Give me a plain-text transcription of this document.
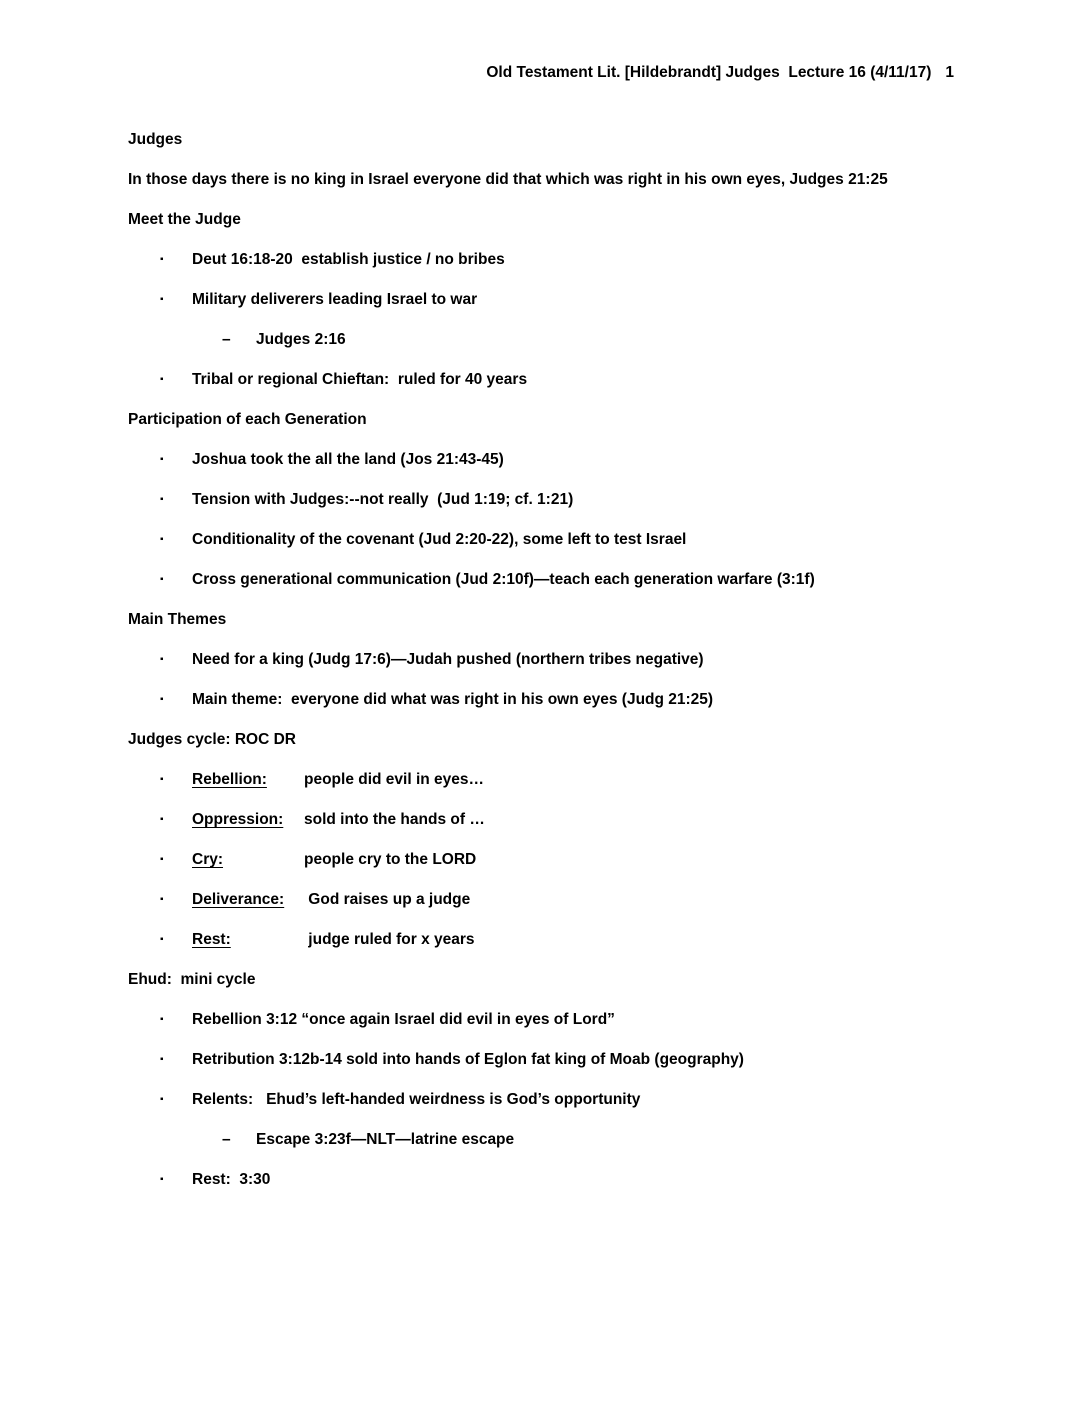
Old Testament Lit. [Hildebrandt] Judges  Lecture 16 (4/11/17) 1
Judges
In those days there is no king in Israel everyone did that which was right in his own eyes, Judges 21:25
Meet the Judge
▪ Deut 16:18-20  establish justice / no bribes
▪ Military deliverers leading Israel to war
– Judges 2:16
▪ Tribal or regional Chieftan:  ruled for 40 years
Participation of each Generation
▪ Joshua took the all the land (Jos 21:43-45)
▪ Tension with Judges:--not really  (Jud 1:19; cf. 1:21)
▪ Conditionality of the covenant (Jud 2:20-22), some left to test Israel
▪ Cross generational communication (Jud 2:10f)—teach each generation warfare (3:1f)
Main Themes
▪ Need for a king (Judg 17:6)—Judah pushed (northern tribes negative)
▪ Main theme:  everyone did what was right in his own eyes (Judg 21:25)
Judges cycle: ROC DR
▪ Rebellion: people did evil in eyes…
▪ Oppression: sold into the hands of …
▪ Cry:	people cry to the LORD
▪ Deliverance: God raises up a judge
▪ Rest:	judge ruled for x years
Ehud:  mini cycle
▪ Rebellion 3:12 “once again Israel did evil in eyes of Lord”
▪ Retribution 3:12b-14 sold into hands of Eglon fat king of Moab (geography)
▪ Relents:   Ehud’s left-handed weirdness is God’s opportunity
– Escape 3:23f—NLT—latrine escape
▪ Rest:  3:30
